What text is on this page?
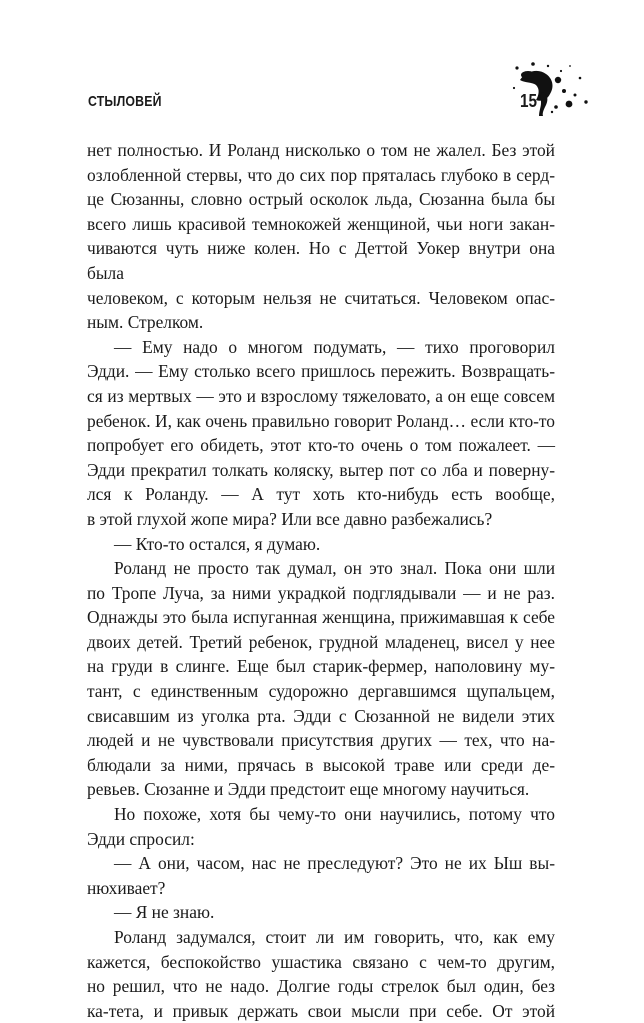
СТЫЛОВЕЙ	15

нет полностью. И Роланд нисколько о том не жалел. Без этой

озлобленной стервы, что до сих пор пряталась глубоко в серд-

це Сюзанны, словно острый осколок льда, Сюзанна была бы

всего лишь красивой темнокожей женщиной, чьи ноги закан-

чиваются чуть ниже колен. Но с Деттой Уокер внутри она была

человеком, с которым нельзя не считаться. Человеком опас-

ным. Стрелком.

— Ему надо о многом подумать, — тихо проговорил

Эдди. — Ему столько всего пришлось пережить. Возвращать-

ся из мертвых — это и взрослому тяжеловато, а он еще совсем

ребенок. И, как очень правильно говорит Роланд… если кто-то

попробует его обидеть, этот кто-то очень о том пожалеет. —

Эдди прекратил толкать коляску, вытер пот со лба и поверну-

лся к Роланду. — А тут хоть кто-нибудь есть вообще,

в этой глухой жопе мира? Или все давно разбежались?

— Кто-то остался, я думаю.

Роланд не просто так думал, он это знал. Пока они шли

по Тропе Луча, за ними украдкой подглядывали — и не раз.

Однажды это была испуганная женщина, прижимавшая к себе

двоих детей. Третий ребенок, грудной младенец, висел у нее

на груди в слинге. Еще был старик-фермер, наполовину му-

тант, с единственным судорожно дергавшимся щупальцем,

свисавшим из уголка рта. Эдди с Сюзанной не видели этих

людей и не чувствовали присутствия других — тех, что на-

блюдали за ними, прячась в высокой траве или среди де-

ревьев. Сюзанне и Эдди предстоит еще многому научиться.

Но похоже, хотя бы чему-то они научились, потому что

Эдди спросил:

— А они, часом, нас не преследуют? Это не их Ыш вы-

нюхивает?

— Я не знаю.

Роланд задумался, стоит ли им говорить, что, как ему

кажется, беспокойство ушастика связано с чем-то другим,

но решил, что не надо. Долгие годы стрелок был один, без

ка-тета, и привык держать свои мысли при себе. От этой
